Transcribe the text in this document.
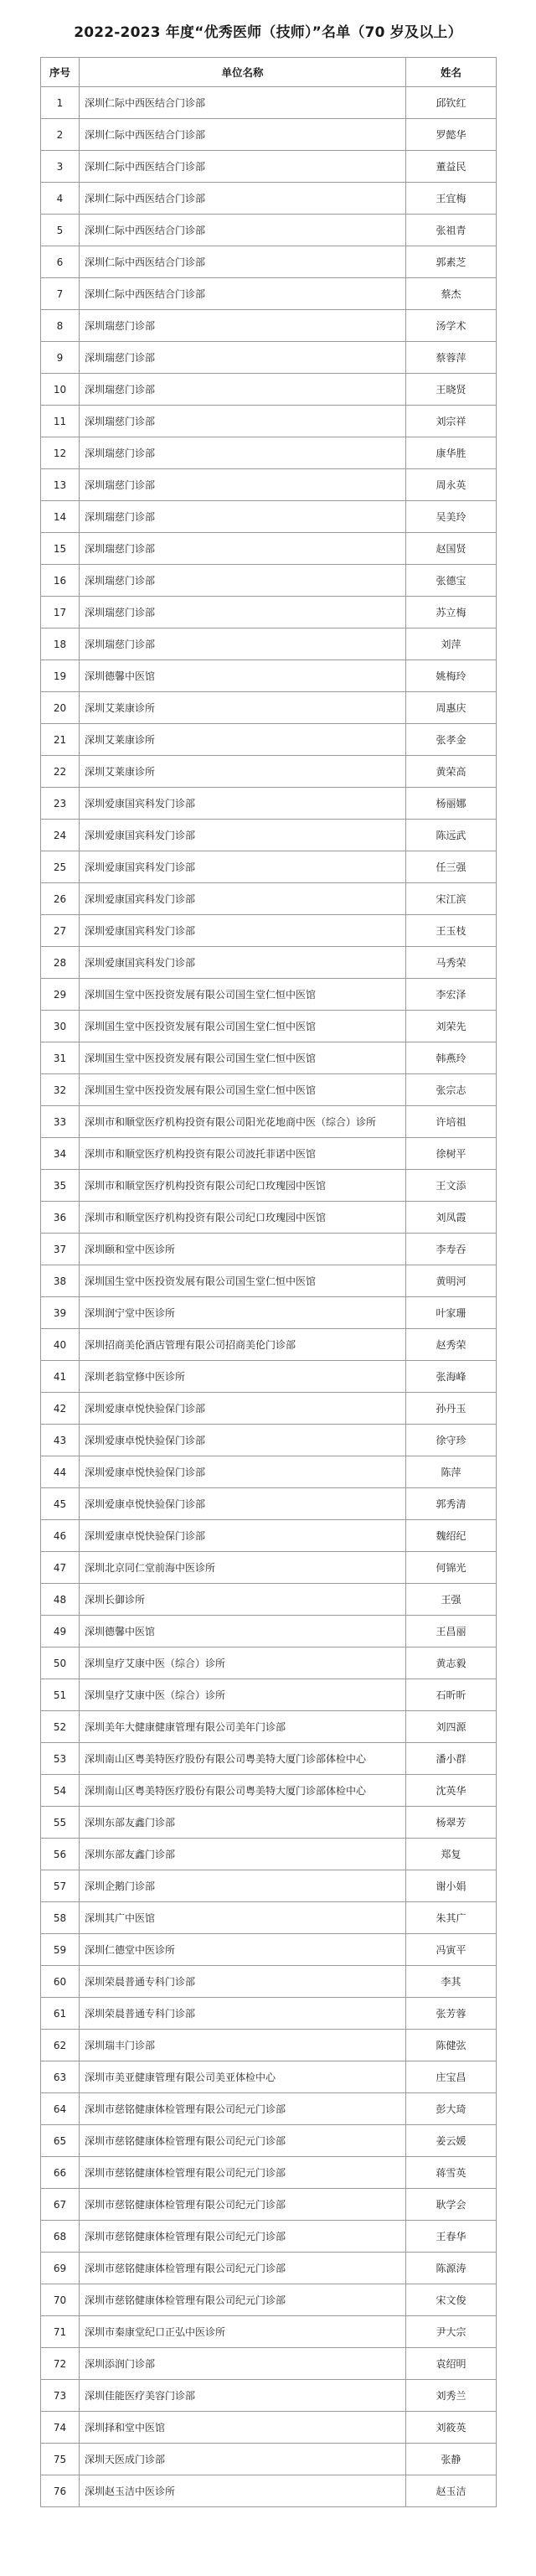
2022-2023 年度“优秀医师（技师）”名单（70 岁及以上）
序号	单位名称	姓名
1	深圳仁际中西医结合门诊部	邱钦红
2	深圳仁际中西医结合门诊部	罗懿华
3	深圳仁际中西医结合门诊部	董益民
4	深圳仁际中西医结合门诊部	王宜梅
5	深圳仁际中西医结合门诊部	张祖青
6	深圳仁际中西医结合门诊部	郭素芝
7	深圳仁际中西医结合门诊部	蔡杰
8	深圳瑞慈门诊部	汤学术
9	深圳瑞慈门诊部	蔡蓉萍
10	深圳瑞慈门诊部	王晓贤
11	深圳瑞慈门诊部	刘宗祥
12	深圳瑞慈门诊部	康华胜
13	深圳瑞慈门诊部	周永英
14	深圳瑞慈门诊部	吴美玲
15	深圳瑞慈门诊部	赵国贤
16	深圳瑞慈门诊部	张德宝
17	深圳瑞慈门诊部	苏立梅
18	深圳瑞慈门诊部	刘萍
19	深圳德馨中医馆	姚梅玲
20	深圳艾莱康诊所	周惠庆
21	深圳艾莱康诊所	张孝金
22	深圳艾莱康诊所	黄荣高
23	深圳爱康国宾科发门诊部	杨丽娜
24	深圳爱康国宾科发门诊部	陈远武
25	深圳爱康国宾科发门诊部	任三强
26	深圳爱康国宾科发门诊部	宋江滨
27	深圳爱康国宾科发门诊部	王玉枝
28	深圳爱康国宾科发门诊部	马秀荣
29	深圳国生堂中医投资发展有限公司国生堂仁恒中医馆	李宏泽
30	深圳国生堂中医投资发展有限公司国生堂仁恒中医馆	刘荣先
31	深圳国生堂中医投资发展有限公司国生堂仁恒中医馆	韩燕玲
32	深圳国生堂中医投资发展有限公司国生堂仁恒中医馆	张宗志
33	深圳市和顺堂医疗机构投资有限公司阳光花地商中医（综合）诊所	许培祖
34	深圳市和顺堂医疗机构投资有限公司波托菲诺中医馆	徐树平
35	深圳市和顺堂医疗机构投资有限公司纪口玫瑰园中医馆	王文添
36	深圳市和顺堂医疗机构投资有限公司纪口玫瑰园中医馆	刘凤霞
37	深圳颐和堂中医诊所	李寿吞
38	深圳国生堂中医投资发展有限公司国生堂仁恒中医馆	黄明河
39	深圳润宁堂中医诊所	叶家珊
40	深圳招商美伦酒店管理有限公司招商美伦门诊部	赵秀荣
41	深圳老翁堂修中医诊所	张海峰
42	深圳爱康卓悦快验保门诊部	孙丹玉
43	深圳爱康卓悦快验保门诊部	徐守珍
44	深圳爱康卓悦快验保门诊部	陈萍
45	深圳爱康卓悦快验保门诊部	郭秀清
46	深圳爱康卓悦快验保门诊部	魏绍纪
47	深圳北京同仁堂前海中医诊所	何锦光
48	深圳长御诊所	王强
49	深圳德馨中医馆	王昌丽
50	深圳皇疗艾康中医（综合）诊所	黄志毅
51	深圳皇疗艾康中医（综合）诊所	石昕昕
52	深圳美年大健康健康管理有限公司美年门诊部	刘四源
53	深圳南山区粤美特医疗股份有限公司粤美特大厦门诊部体检中心	潘小群
54	深圳南山区粤美特医疗股份有限公司粤美特大厦门诊部体检中心	沈英华
55	深圳东部友鑫门诊部	杨翠芳
56	深圳东部友鑫门诊部	郑复
57	深圳企鹅门诊部	谢小娟
58	深圳其广中医馆	朱其广
59	深圳仁德堂中医诊所	冯寅平
60	深圳荣晨普通专科门诊部	李其
61	深圳荣晨普通专科门诊部	张芳蓉
62	深圳瑞丰门诊部	陈健弦
63	深圳市美亚健康管理有限公司美亚体检中心	庄宝昌
64	深圳市慈铭健康体检管理有限公司纪元门诊部	彭大琦
65	深圳市慈铭健康体检管理有限公司纪元门诊部	姜云媛
66	深圳市慈铭健康体检管理有限公司纪元门诊部	蒋雪英
67	深圳市慈铭健康体检管理有限公司纪元门诊部	耿学会
68	深圳市慈铭健康体检管理有限公司纪元门诊部	王春华
69	深圳市慈铭健康体检管理有限公司纪元门诊部	陈源涛
70	深圳市慈铭健康体检管理有限公司纪元门诊部	宋文俊
71	深圳市秦康堂纪口正弘中医诊所	尹大宗
72	深圳添润门诊部	袁绍明
73	深圳佳能医疗美容门诊部	刘秀兰
74	深圳择和堂中医馆	刘筱英
75	深圳天医成门诊部	张静
76	深圳赵玉洁中医诊所	赵玉洁
